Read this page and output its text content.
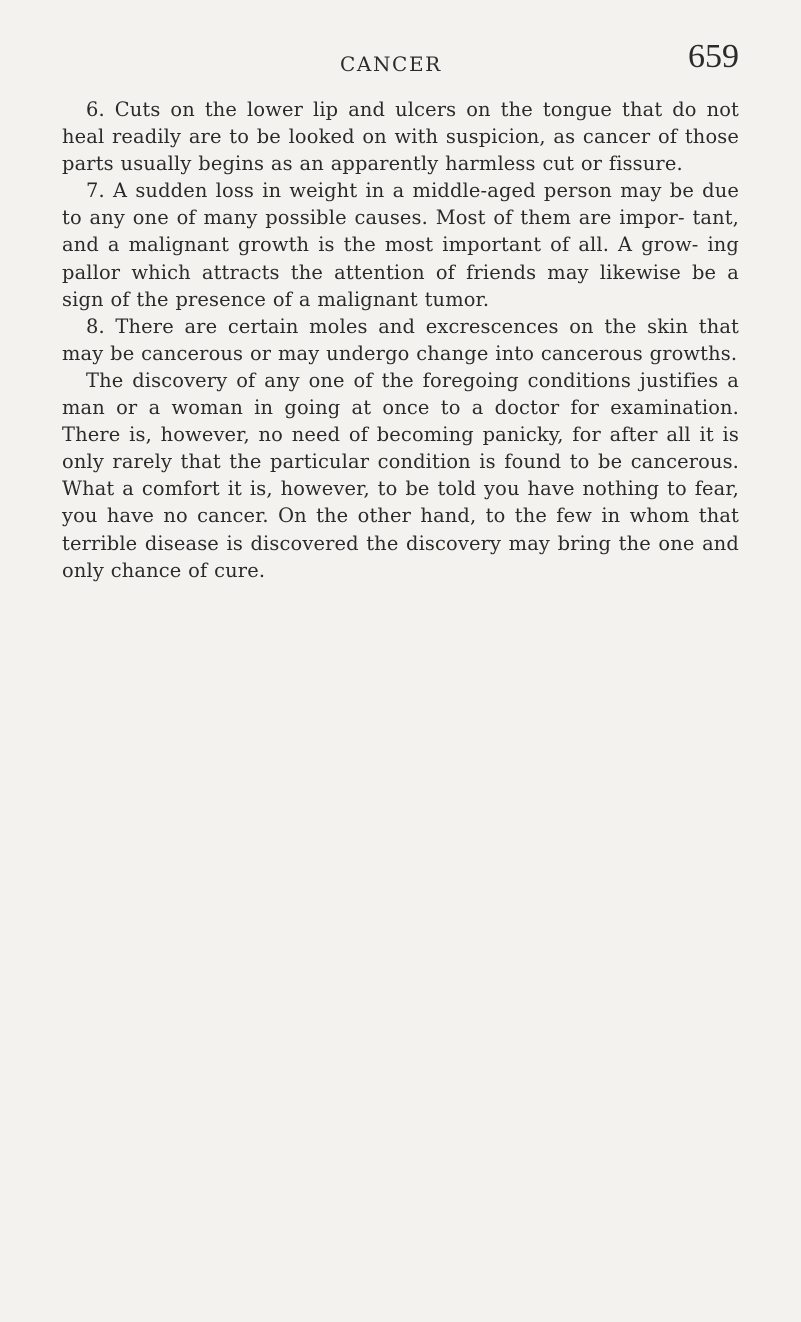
CANCER	659

6. Cuts on the lower lip and ulcers on the tongue that do not heal readily are to be looked on with suspicion, as cancer of those parts usually begins as an apparently harmless cut or fissure.

7. A sudden loss in weight in a middle-aged person may be due to any one of many possible causes. Most of them are impor- tant, and a malignant growth is the most important of all. A grow- ing pallor which attracts the attention of friends may likewise be a sign of the presence of a malignant tumor.

8. There are certain moles and excrescences on the skin that may be cancerous or may undergo change into cancerous growths.

The discovery of any one of the foregoing conditions justifies a man or a woman in going at once to a doctor for examination. There is, however, no need of becoming panicky, for after all it is only rarely that the particular condition is found to be cancerous. What a comfort it is, however, to be told you have nothing to fear, you have no cancer. On the other hand, to the few in whom that terrible disease is discovered the discovery may bring the one and only chance of cure.
